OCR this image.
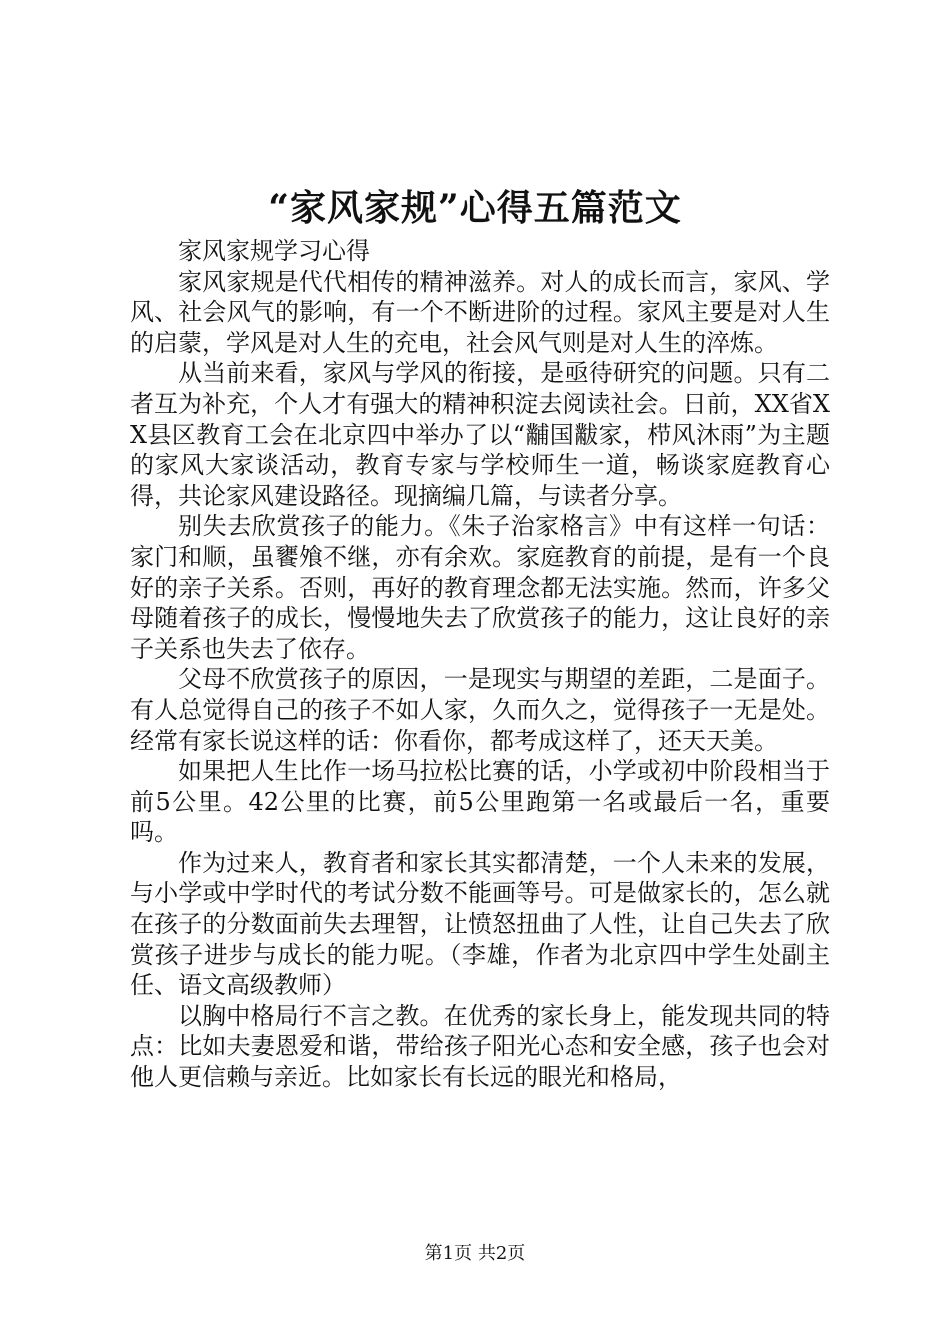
“家风家规”心得五篇范文

家风家规学习心得

家风家规是代代相传的精神滋养。对人的成长而言，家风、学风、社会风气的影响，有一个不断进阶的过程。家风主要是对人生的启蒙，学风是对人生的充电，社会风气则是对人生的淬炼。

从当前来看，家风与学风的衔接，是亟待研究的问题。只有二者互为补充，个人才有强大的精神积淀去阅读社会。日前，XX省XX县区教育工会在北京四中举办了以“黼国黻家，栉风沐雨”为主题的家风大家谈活动，教育专家与学校师生一道，畅谈家庭教育心得，共论家风建设路径。现摘编几篇，与读者分享。

别失去欣赏孩子的能力。《朱子治家格言》中有这样一句话：家门和顺，虽饔飧不继，亦有余欢。家庭教育的前提，是有一个良好的亲子关系。否则，再好的教育理念都无法实施。然而，许多父母随着孩子的成长，慢慢地失去了欣赏孩子的能力，这让良好的亲子关系也失去了依存。

父母不欣赏孩子的原因，一是现实与期望的差距，二是面子。有人总觉得自己的孩子不如人家，久而久之，觉得孩子一无是处。经常有家长说这样的话：你看你，都考成这样了，还天天美。

如果把人生比作一场马拉松比赛的话，小学或初中阶段相当于前5公里。42公里的比赛，前5公里跑第一名或最后一名，重要吗。

作为过来人，教育者和家长其实都清楚，一个人未来的发展，与小学或中学时代的考试分数不能画等号。可是做家长的，怎么就在孩子的分数面前失去理智，让愤怒扭曲了人性，让自己失去了欣赏孩子进步与成长的能力呢。（李雄，作者为北京四中学生处副主任、语文高级教师）

以胸中格局行不言之教。在优秀的家长身上，能发现共同的特点：比如夫妻恩爱和谐，带给孩子阳光心态和安全感，孩子也会对他人更信赖与亲近。比如家长有长远的眼光和格局，

第1页 共2页
